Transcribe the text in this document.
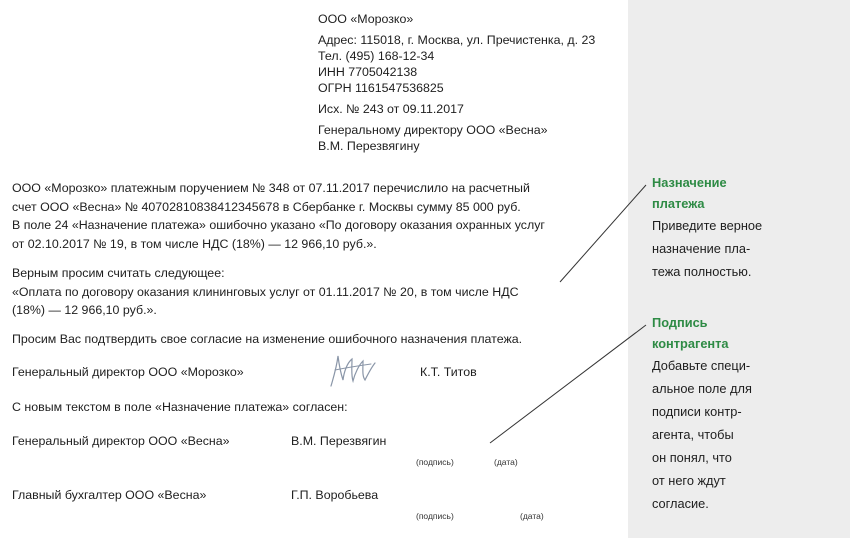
ООО «Морозко»
Адрес: 115018, г. Москва, ул. Пречистенка, д. 23
Тел. (495) 168-12-34
ИНН 7705042138
ОГРН 1161547536825
Исх. № 243 от 09.11.2017
Генеральному директору ООО «Весна»
В.М. Перезвягину
ООО «Морозко» платежным поручением № 348 от 07.11.2017 перечислило на расчетный
счет ООО «Весна» № 40702810838412345678 в Сбербанке г. Москвы сумму 85 000 руб.
В поле 24 «Назначение платежа» ошибочно указано «По договору оказания охранных услуг
от 02.10.2017 № 19, в том числе НДС (18%) — 12 966,10 руб.».
Верным просим считать следующее:
«Оплата по договору оказания клининговых услуг от 01.11.2017 № 20, в том числе НДС
(18%) — 12 966,10 руб.».
Просим Вас подтвердить свое согласие на изменение ошибочного назначения платежа.
Генеральный директор ООО «Морозко»	К.Т. Титов
С новым текстом в поле «Назначение платежа» согласен:
Генеральный директор ООО «Весна»	В.М. Перезвягин
(подпись)	(дата)
Главный бухгалтер ООО «Весна»	Г.П. Воробьева
(подпись)	(дата)
Назначение
платежа
Приведите верное
назначение пла-
тежа полностью.
Подпись
контрагента
Добавьте специ-
альное поле для
подписи контр-
агента, чтобы
он понял, что
от него ждут
согласие.
